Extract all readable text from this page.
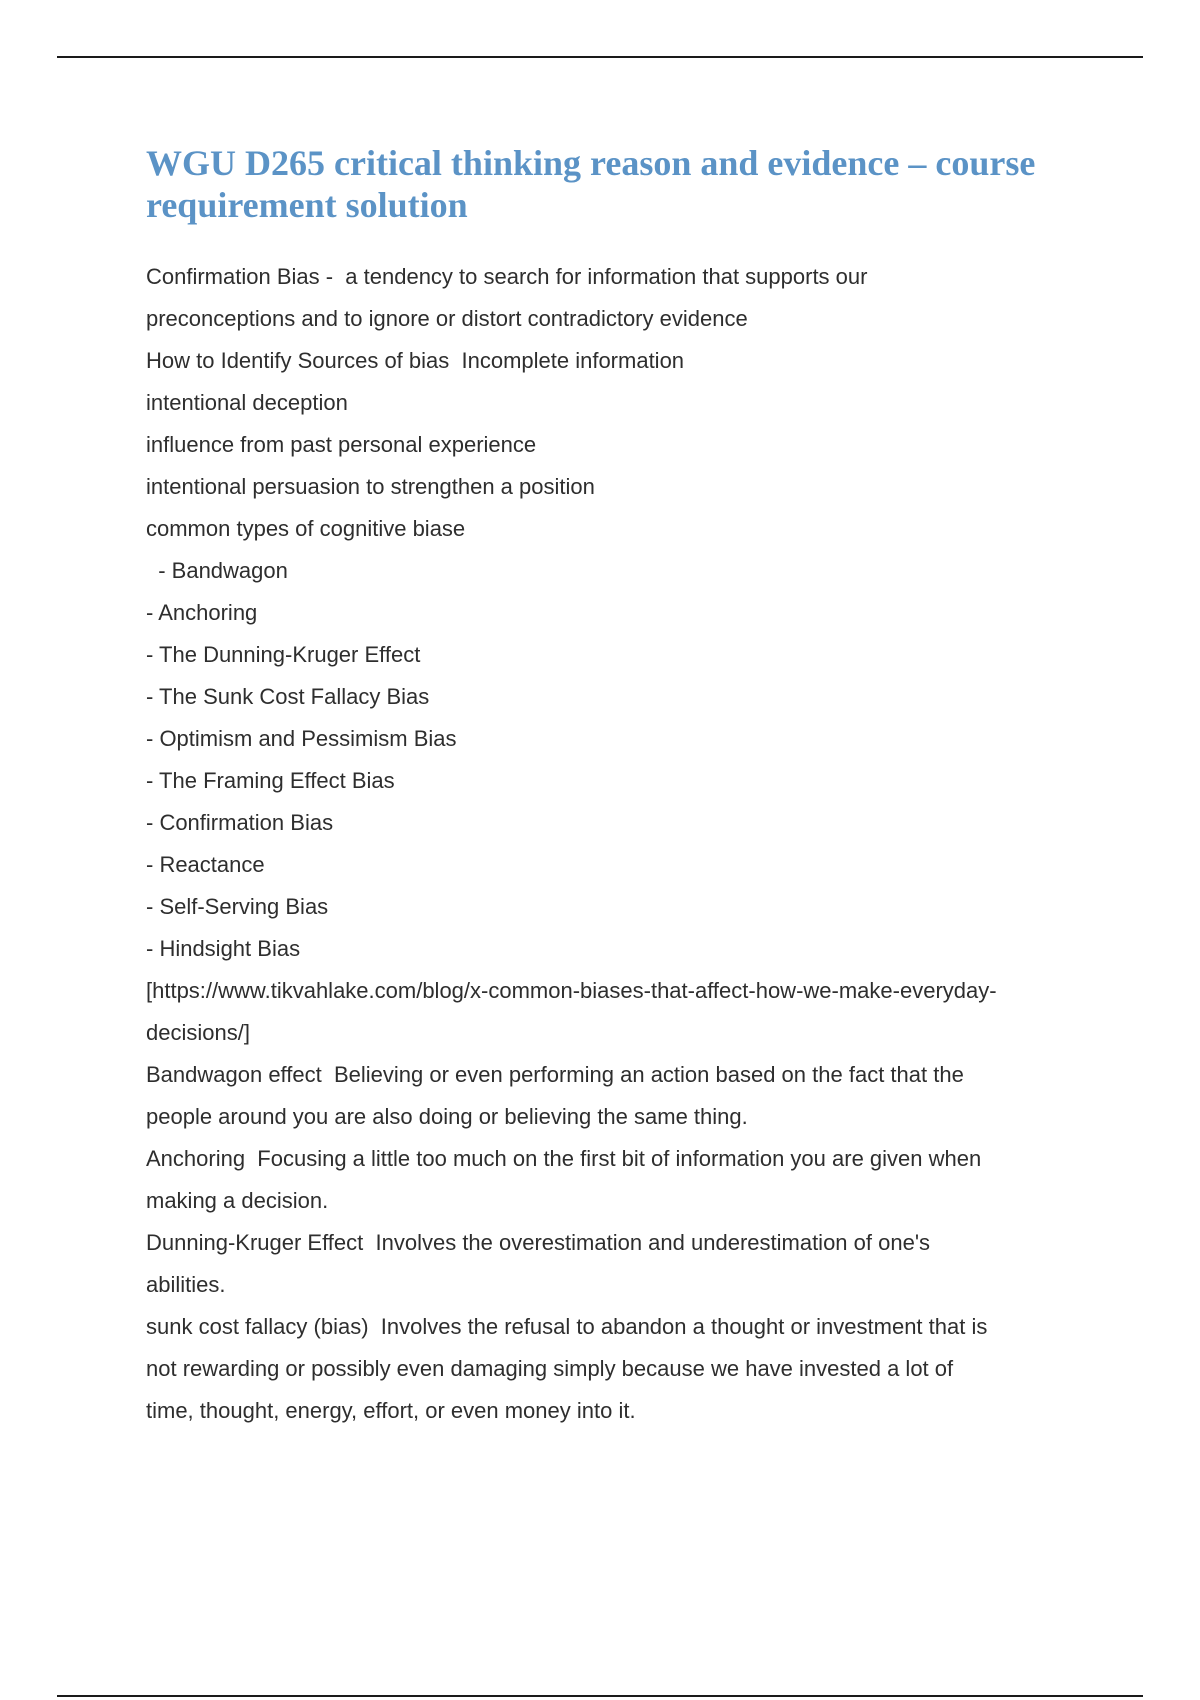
WGU D265 critical thinking reason and evidence – course requirement solution
Confirmation Bias -  a tendency to search for information that supports our
preconceptions and to ignore or distort contradictory evidence
How to Identify Sources of bias  Incomplete information
intentional deception
influence from past personal experience
intentional persuasion to strengthen a position
common types of cognitive biase
- Bandwagon
- Anchoring
- The Dunning-Kruger Effect
- The Sunk Cost Fallacy Bias
- Optimism and Pessimism Bias
- The Framing Effect Bias
- Confirmation Bias
- Reactance
- Self-Serving Bias
- Hindsight Bias
[https://www.tikvahlake.com/blog/x-common-biases-that-affect-how-we-make-everyday-
decisions/]
Bandwagon effect  Believing or even performing an action based on the fact that the
people around you are also doing or believing the same thing.
Anchoring  Focusing a little too much on the first bit of information you are given when
making a decision.
Dunning-Kruger Effect  Involves the overestimation and underestimation of one's
abilities.
sunk cost fallacy (bias)  Involves the refusal to abandon a thought or investment that is
not rewarding or possibly even damaging simply because we have invested a lot of
time, thought, energy, effort, or even money into it.
